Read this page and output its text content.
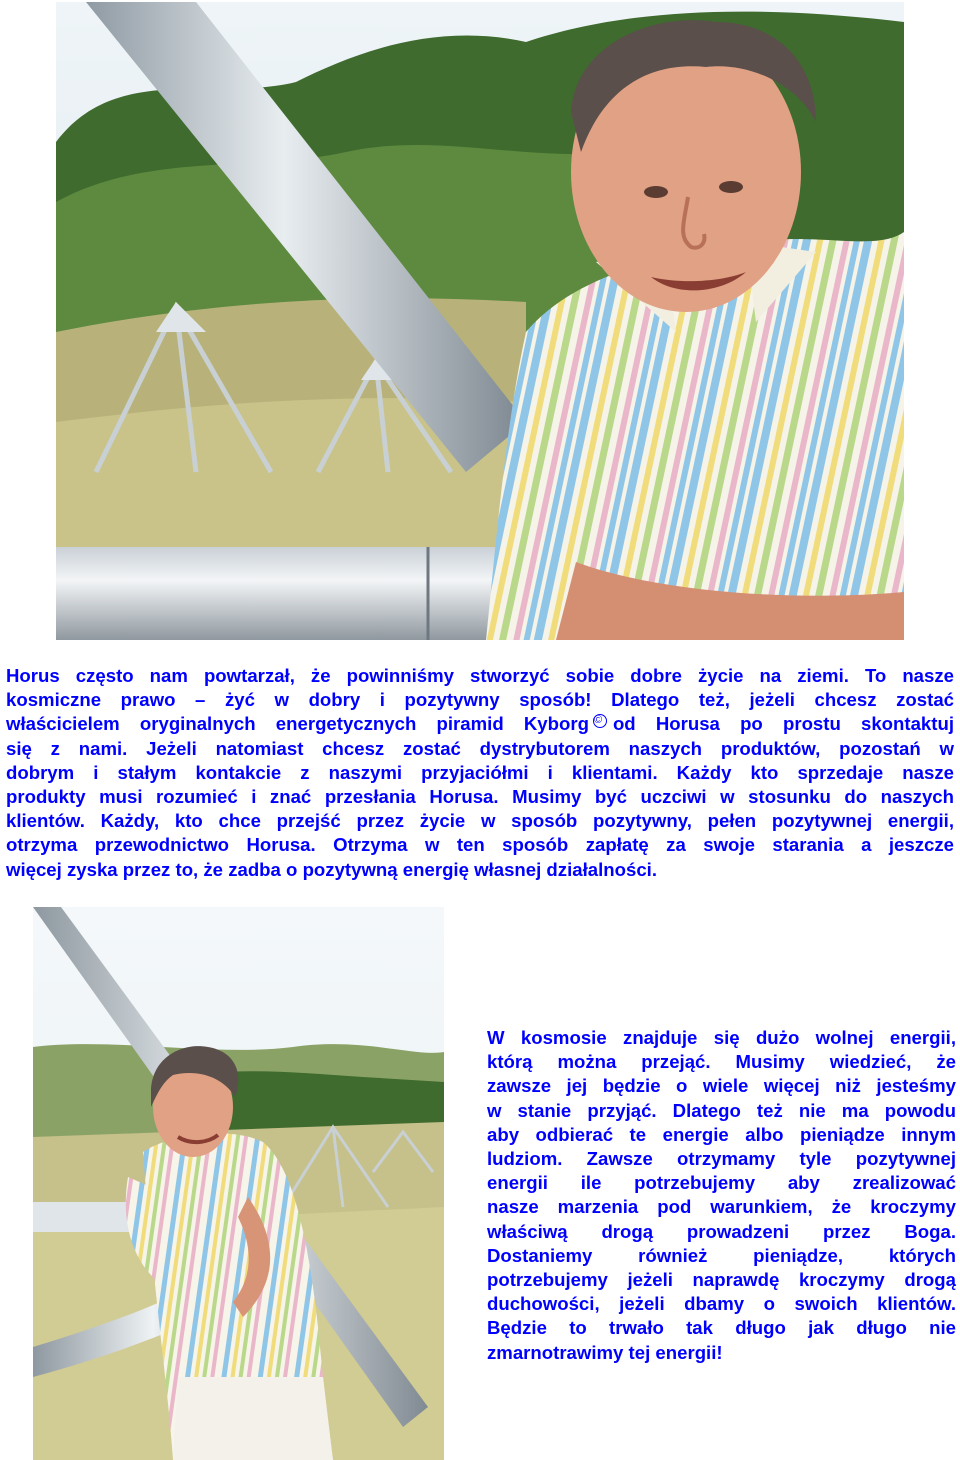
Horus często nam powtarzał, że powinniśmy stworzyć sobie dobre życie na ziemi. To nasze
kosmiczne prawo – żyć w dobry i pozytywny sposób! Dlatego też, jeżeli chcesz zostać
właścicielem oryginalnych energetycznych piramid Kyborg © od Horusa po prostu skontaktuj
się z nami. Jeżeli natomiast chcesz zostać dystrybutorem naszych produktów, pozostań w
dobrym i stałym kontakcie z naszymi przyjaciółmi i klientami. Każdy kto sprzedaje nasze
produkty musi rozumieć i znać przesłania Horusa. Musimy być uczciwi w stosunku do naszych
klientów. Każdy, kto chce przejść przez życie w sposób pozytywny, pełen pozytywnej energii,
otrzyma przewodnictwo Horusa. Otrzyma w ten sposób zapłatę za swoje starania a jeszcze
więcej zyska przez to, że zadba o pozytywną energię własnej działalności.
W kosmosie znajduje się dużo wolnej energii,
którą można przejąć. Musimy wiedzieć, że
zawsze jej będzie o wiele więcej niż jesteśmy
w stanie przyjąć. Dlatego też nie ma powodu
aby odbierać te energie albo pieniądze innym
ludziom. Zawsze otrzymamy tyle pozytywnej
energii ile potrzebujemy aby zrealizować
nasze marzenia pod warunkiem, że kroczymy
właściwą drogą prowadzeni przez Boga.
Dostaniemy również pieniądze, których
potrzebujemy jeżeli naprawdę kroczymy drogą
duchowości, jeżeli dbamy o swoich klientów.
Będzie to trwało tak długo jak długo nie
zmarnotrawimy tej energii!
